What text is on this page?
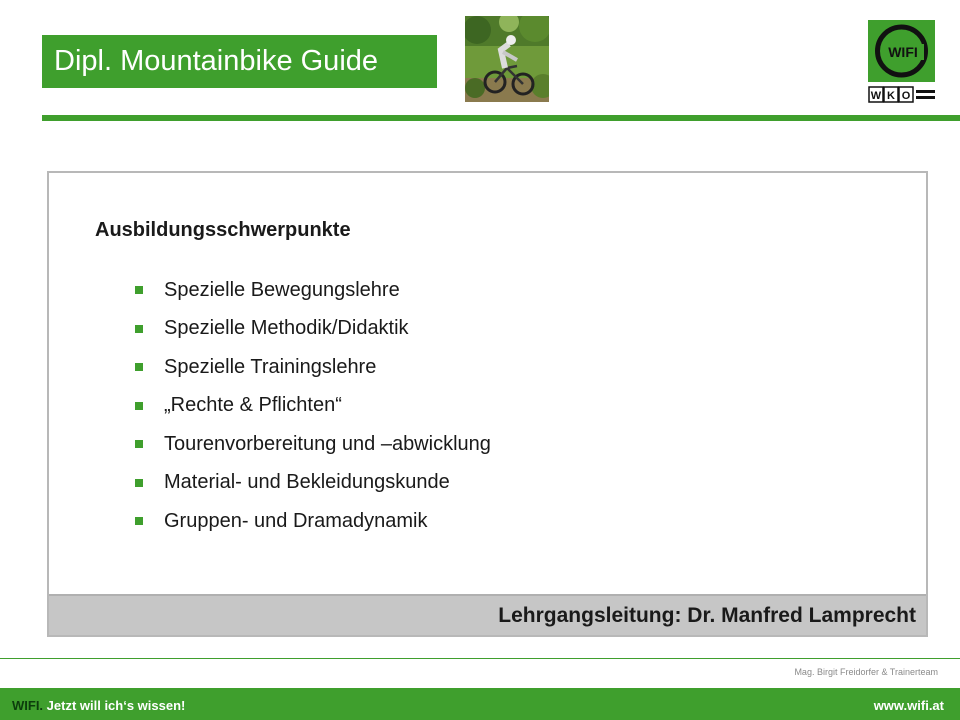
Dipl. Mountainbike Guide	WIFI
W K O
Ausbildungsschwerpunkte
Spezielle Bewegungslehre
Spezielle Methodik/Didaktik
Spezielle Trainingslehre
„Rechte & Pflichten“
Tourenvorbereitung und –abwicklung
Material- und Bekleidungskunde
Gruppen- und Dramadynamik
Lehrgangsleitung: Dr. Manfred Lamprecht
Mag. Birgit Freidorfer & Trainerteam
WIFI. Jetzt will ich‘s wissen!	www.wifi.at
